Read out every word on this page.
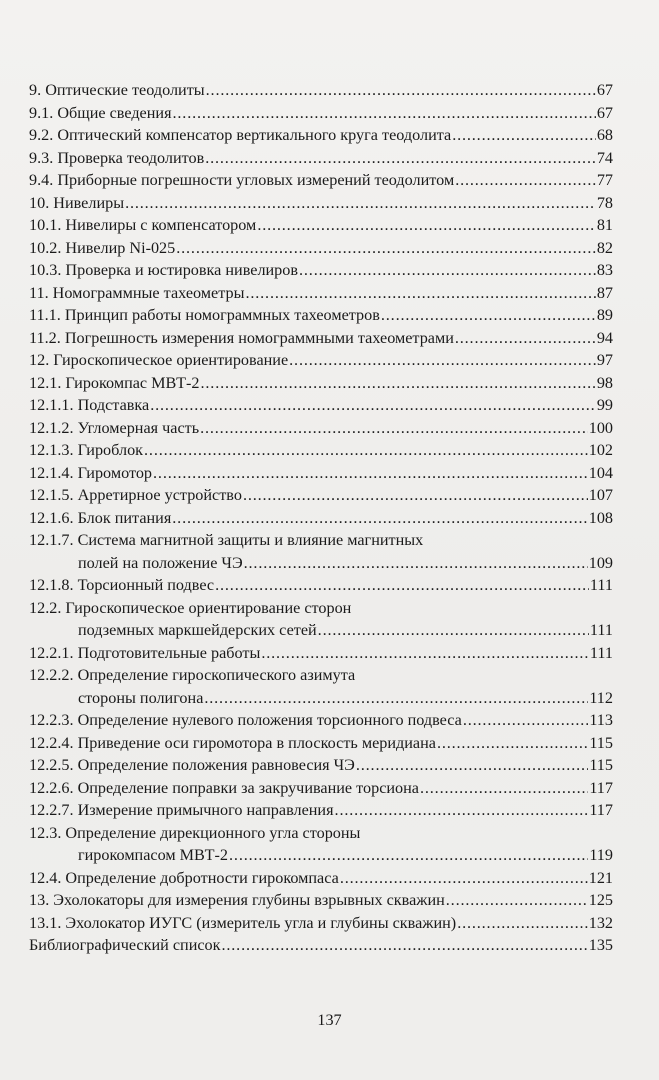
9. Оптические теодолиты . . .	67
9.1. Общие сведения . . .	67
9.2. Оптический компенсатор вертикального круга теодолита . . .	68
9.3. Проверка теодолитов . . .	74
9.4. Приборные погрешности угловых измерений теодолитом . . .	77
10. Нивелиры . . .	78
10.1. Нивелиры с компенсатором . . .	81
10.2. Нивелир Ni-025 . . .	82
10.3. Проверка и юстировка нивелиров . . .	83
11. Номограммные тахеометры . . .	87
11.1. Принцип работы номограммных тахеометров . . .	89
11.2. Погрешность измерения номограммными тахеометрами . . .	94
12. Гироскопическое ориентирование . . .	97
12.1. Гирокомпас МВТ-2 . . .	98
12.1.1. Подставка . . .	99
12.1.2. Угломерная часть . . .	100
12.1.3. Гироблок . . .	102
12.1.4. Гиромотор . . .	104
12.1.5. Арретирное устройство . . .	107
12.1.6. Блок питания . . .	108
12.1.7. Система магнитной защиты и влияние магнитных
полей на положение ЧЭ . . .	109
12.1.8. Торсионный подвес . . .	111
12.2. Гироскопическое ориентирование сторон
подземных маркшейдерских сетей . . .	111
12.2.1. Подготовительные работы . . .	111
12.2.2. Определение гироскопического азимута
стороны полигона . . .	112
12.2.3. Определение нулевого положения торсионного подвеса . . .	113
12.2.4. Приведение оси гиромотора в плоскость меридиана . . .	115
12.2.5. Определение положения равновесия ЧЭ . . .	115
12.2.6. Определение поправки за закручивание торсиона . . .	117
12.2.7. Измерение примычного направления . . .	117
12.3. Определение дирекционного угла стороны
гирокомпасом МВТ-2 . . .	119
12.4. Определение добротности гирокомпаса . . .	121
13. Эхолокаторы для измерения глубины взрывных скважин . . .	125
13.1. Эхолокатор ИУГС (измеритель угла и глубины скважин) . . .	132
Библиографический список . . .	135
137
